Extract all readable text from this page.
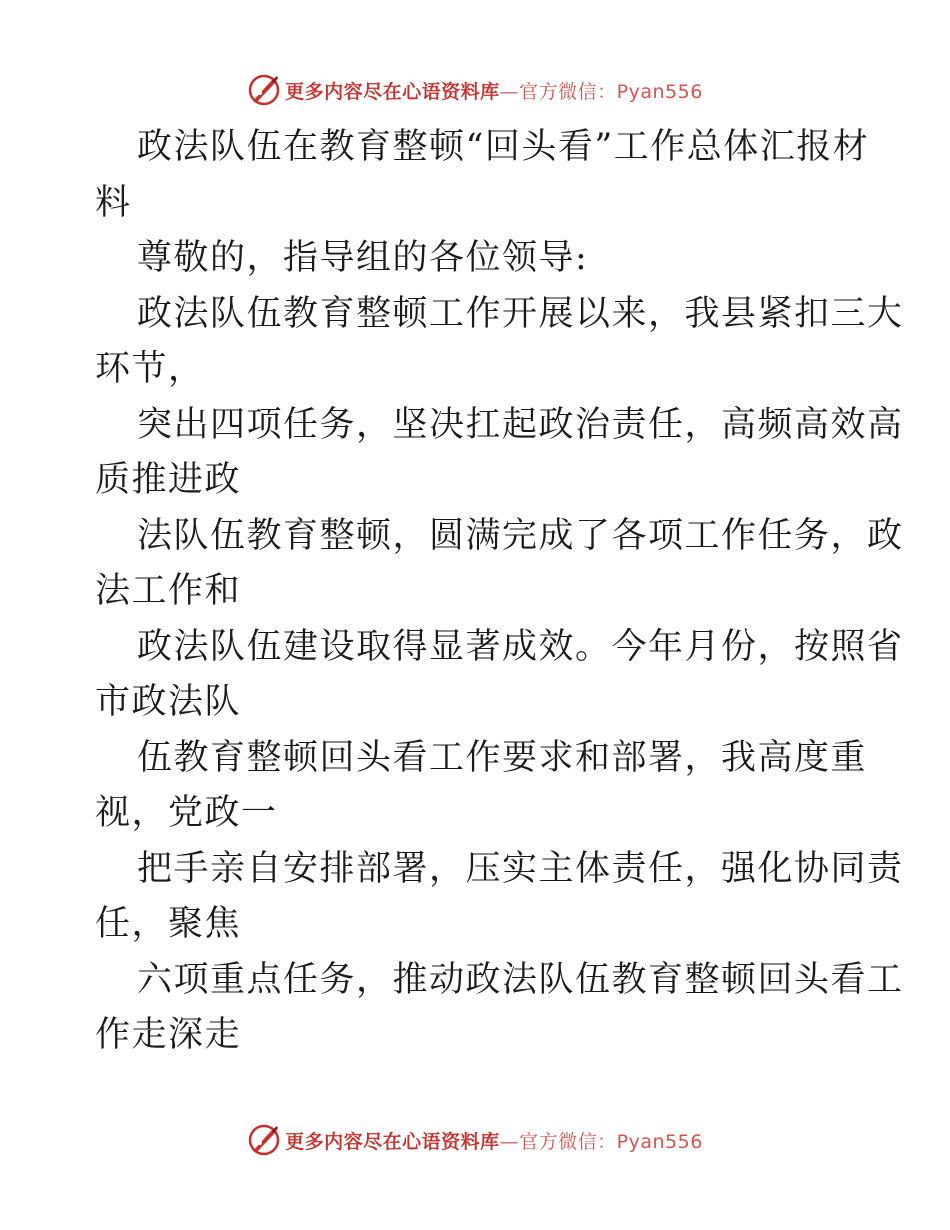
更多内容尽在心语资料库—官方微信：Pyan556
政法队伍在教育整顿“回头看”工作总体汇报材
料
尊敬的，指导组的各位领导:
政法队伍教育整顿工作开展以来，我县紧扣三大
环节，
突出四项任务，坚决扛起政治责任，高频高效高
质推进政
法队伍教育整顿，圆满完成了各项工作任务，政
法工作和
政法队伍建设取得显著成效。今年月份，按照省
市政法队
伍教育整顿回头看工作要求和部署，我高度重
视，党政一
把手亲自安排部署，压实主体责任，强化协同责
任，聚焦
六项重点任务，推动政法队伍教育整顿回头看工
作走深走
更多内容尽在心语资料库—官方微信：Pyan556
